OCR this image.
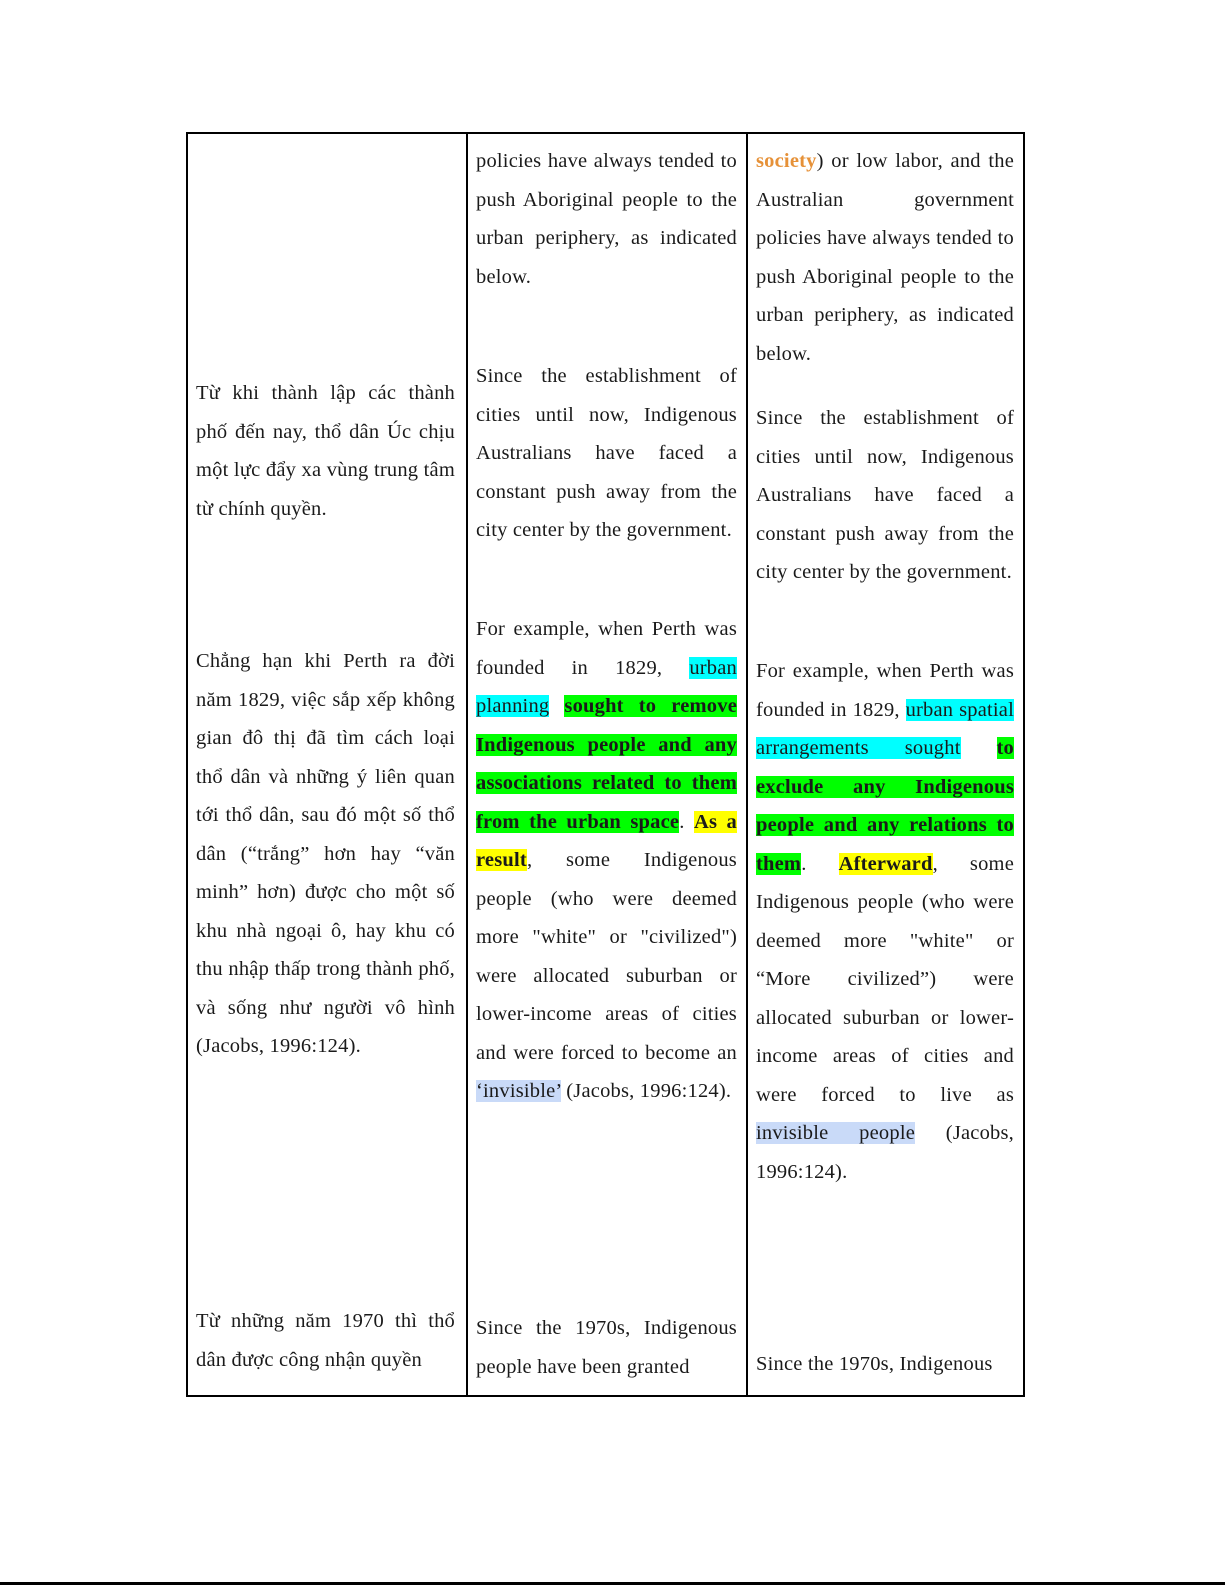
Từ khi thành lập các thành phố đến nay, thổ dân Úc chịu một lực đẩy xa vùng trung tâm từ chính quyền.

Chẳng hạn khi Perth ra đời năm 1829, việc sắp xếp không gian đô thị đã tìm cách loại thổ dân và những ý liên quan tới thổ dân, sau đó một số thổ dân (“trắng” hơn hay “văn minh” hơn) được cho một số khu nhà ngoại ô, hay khu có thu nhập thấp trong thành phố, và sống như người vô hình (Jacobs, 1996:124).

Từ những năm 1970 thì thổ dân được công nhận quyền

policies have always tended to push Aboriginal people to the urban periphery, as indicated below.

Since the establishment of cities until now, Indigenous Australians have faced a constant push away from the city center by the government.

For example, when Perth was founded in 1829, urban planning sought to remove Indigenous people and any associations related to them from the urban space. As a result, some Indigenous people (who were deemed more "white" or "civilized") were allocated suburban or lower-income areas of cities and were forced to become an ‘invisible’ (Jacobs, 1996:124).

Since the 1970s, Indigenous people have been granted

society) or low labor, and the Australian government policies have always tended to push Aboriginal people to the urban periphery, as indicated below.

Since the establishment of cities until now, Indigenous Australians have faced a constant push away from the city center by the government.

For example, when Perth was founded in 1829, urban spatial arrangements sought to exclude any Indigenous people and any relations to them. Afterward, some Indigenous people (who were deemed more "white" or “More civilized”) were allocated suburban or lower-income areas of cities and were forced to live as invisible people (Jacobs, 1996:124).

Since the 1970s, Indigenous
